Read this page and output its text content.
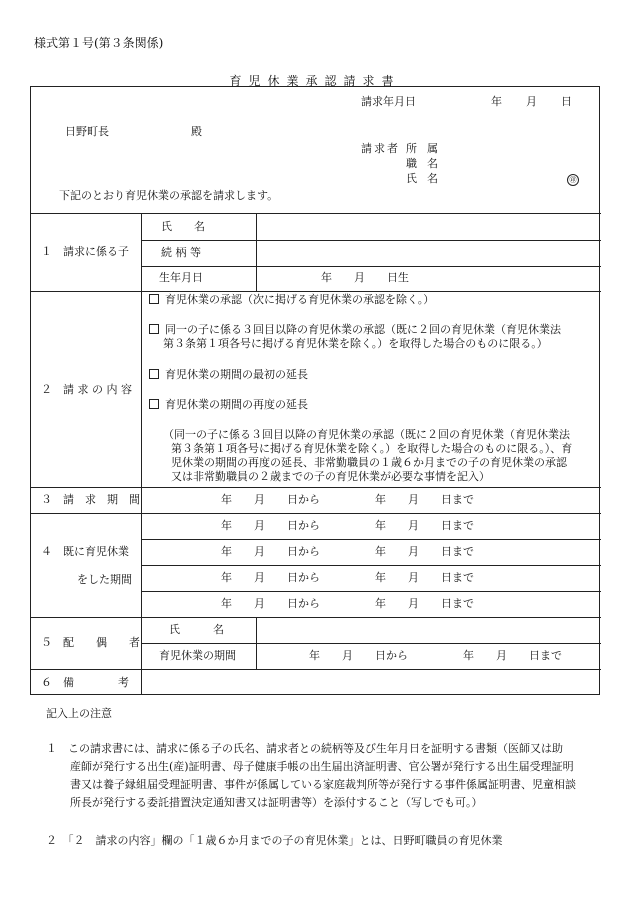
様式第１号(第３条関係)
育児休業承認請求書
請求年月日	年 月 日
日野町長	殿
請求者 所属
職名
氏名	㊞
下記のとおり育児休業の承認を請求します。
１　請求に係る子
氏　　名
続 柄 等
生年月日	年　　月　　日生
２　請 求 の 内 容
育児休業の承認（次に掲げる育児休業の承認を除く。）
同一の子に係る３回目以降の育児休業の承認（既に２回の育児休業（育児休業法
第３条第１項各号に掲げる育児休業を除く。）を取得した場合のものに限る。）
育児休業の期間の最初の延長
育児休業の期間の再度の延長
（同一の子に係る３回目以降の育児休業の承認（既に２回の育児休業（育児休業法
第３条第１項各号に掲げる育児休業を除く。）を取得した場合のものに限る。）、育
児休業の期間の再度の延長、非常勤職員の１歳６か月までの子の育児休業の承認
又は非常勤職員の２歳までの子の育児休業が必要な事情を記入）
３　請　求　期　間	年　　月　　日から　　　　　年　　月　　日まで
４　既に育児休業
をした期間
年　　月　　日から　　　　　年　　月　　日まで
年　　月　　日から　　　　　年　　月　　日まで
年　　月　　日から　　　　　年　　月　　日まで
年　　月　　日から　　　　　年　　月　　日まで
５　配　　偶　　者
氏　　　名
育児休業の期間	年　　月　　日から　　　　　年　　月　　日まで
６　備　　　　考
記入上の注意
１　この請求書には、請求に係る子の氏名、請求者との続柄等及び生年月日を証明する書類（医師又は助
産師が発行する出生(産)証明書、母子健康手帳の出生届出済証明書、官公署が発行する出生届受理証明
書又は養子縁組届受理証明書、事件が係属している家庭裁判所等が発行する事件係属証明書、児童相談
所長が発行する委託措置決定通知書又は証明書等）を添付すること（写しでも可。）
２　「２　請求の内容」欄の「１歳６か月までの子の育児休業」とは、日野町職員の育児休業
